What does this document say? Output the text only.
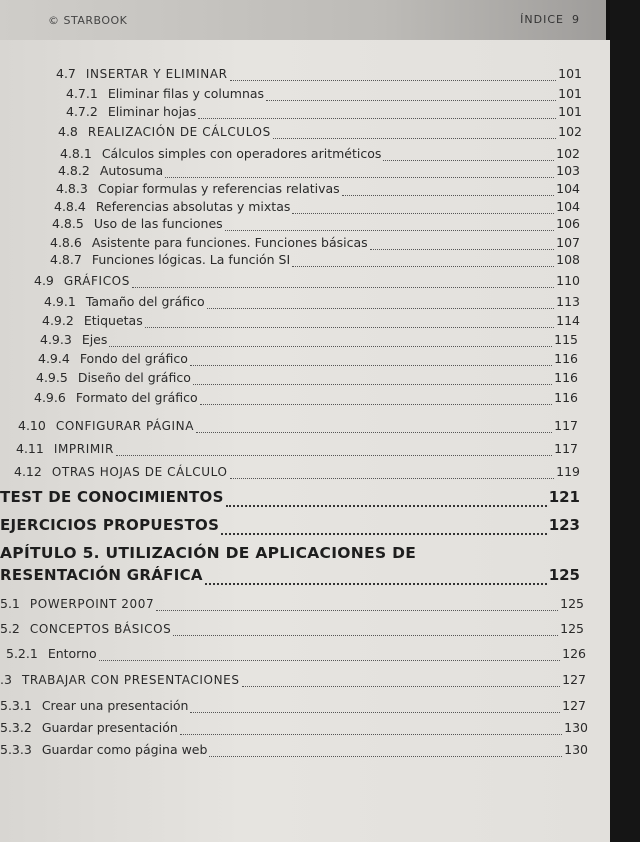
© STARBOOK	ÍNDICE 9
4.7 INSERTAR Y ELIMINAR	101
4.7.1 Eliminar filas y columnas	101
4.7.2 Eliminar hojas	101
4.8 REALIZACIÓN DE CÁLCULOS	102
4.8.1 Cálculos simples con operadores aritméticos	102
4.8.2 Autosuma	103
4.8.3 Copiar formulas y referencias relativas	104
4.8.4 Referencias absolutas y mixtas	104
4.8.5 Uso de las funciones	106
4.8.6 Asistente para funciones. Funciones básicas	107
4.8.7 Funciones lógicas. La función SI	108
4.9 GRÁFICOS	110
4.9.1 Tamaño del gráfico	113
4.9.2 Etiquetas	114
4.9.3 Ejes	115
4.9.4 Fondo del gráfico	116
4.9.5 Diseño del gráfico	116
4.9.6 Formato del gráfico	116
4.10 CONFIGURAR PÁGINA	117
4.11 IMPRIMIR	117
4.12 OTRAS HOJAS DE CÁLCULO	119
TEST DE CONOCIMIENTOS	121
EJERCICIOS PROPUESTOS	123
APÍTULO 5. UTILIZACIÓN DE APLICACIONES DE
RESENTACIÓN GRÁFICA	125
5.1 POWERPOINT 2007	125
5.2 CONCEPTOS BÁSICOS	125
5.2.1 Entorno	126
.3 TRABAJAR CON PRESENTACIONES	127
5.3.1 Crear una presentación	127
5.3.2 Guardar presentación	130
5.3.3 Guardar como página web	130
